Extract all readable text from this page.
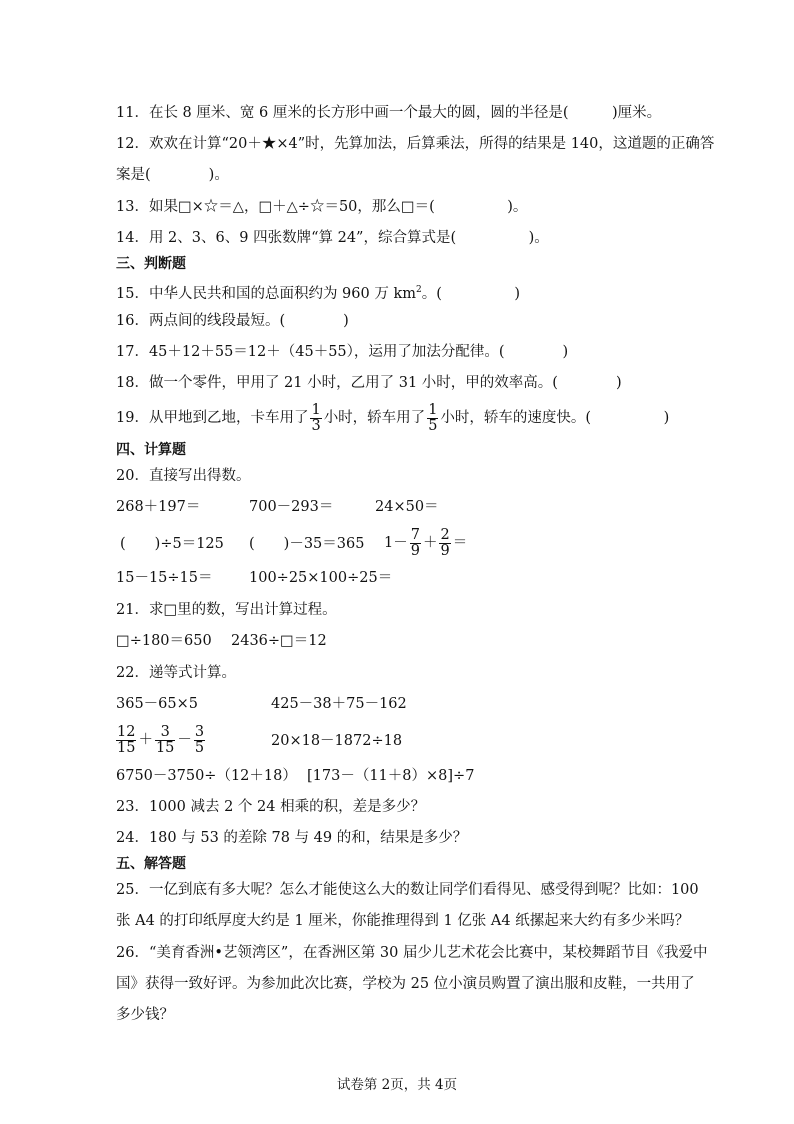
11．在长 8 厘米、宽 6 厘米的长方形中画一个最大的圆，圆的半径是(　　　)厘米。
12．欢欢在计算“20＋★×4”时，先算加法，后算乘法，所得的结果是 140，这道题的正确答
案是(　　　　)。
13．如果□×☆＝△，□＋△÷☆＝50，那么□＝(　　　　　)。
14．用 2、3、6、9 四张数牌“算 24”，综合算式是(　　　　　)。
三、判断题
15．中华人民共和国的总面积约为 960 万 $km^2$。(　　　　　)
16．两点间的线段最短。(　　　　)
17．45＋12＋55＝12＋（45＋55），运用了加法分配律。(　　　　)
18．做一个零件，甲用了 21 小时，乙用了 31 小时，甲的效率高。(　　　　)
19．从甲地到乙地，卡车用了 $\frac{1}{3}$ 小时，轿车用了 $\frac{1}{5}$ 小时，轿车的速度快。(　　　　　)
四、计算题
20．直接写出得数。
268＋197＝	700－293＝	24×50＝
(　　)÷5＝125 (　　)－35＝365 $1- \frac{7}{9} + \frac{2}{9}$ ＝
15－15÷15＝	100÷25×100÷25＝
21．求□里的数，写出计算过程。
□÷180＝650 2436÷□＝12
22．递等式计算。
365－65×5	425－38＋75－162
$\frac{12}{15} + \frac{3}{15} - \frac{3}{5}$	20×18－1872÷18
6750－3750÷（12＋18） [173－（11＋8）×8]÷7
23．1000 减去 2 个 24 相乘的积，差是多少？
24．180 与 53 的差除 78 与 49 的和，结果是多少？
五、解答题
25．一亿到底有多大呢？怎么才能使这么大的数让同学们看得见、感受得到呢？比如：100
张 A4 的打印纸厚度大约是 1 厘米，你能推理得到 1 亿张 A4 纸摞起来大约有多少米吗？
26．“美育香洲•艺领湾区”，在香洲区第 30 届少儿艺术花会比赛中，某校舞蹈节目《我爱中
国》获得一致好评。为参加此次比赛，学校为 25 位小演员购置了演出服和皮鞋，一共用了
多少钱？
试卷第 2页，共 4页
